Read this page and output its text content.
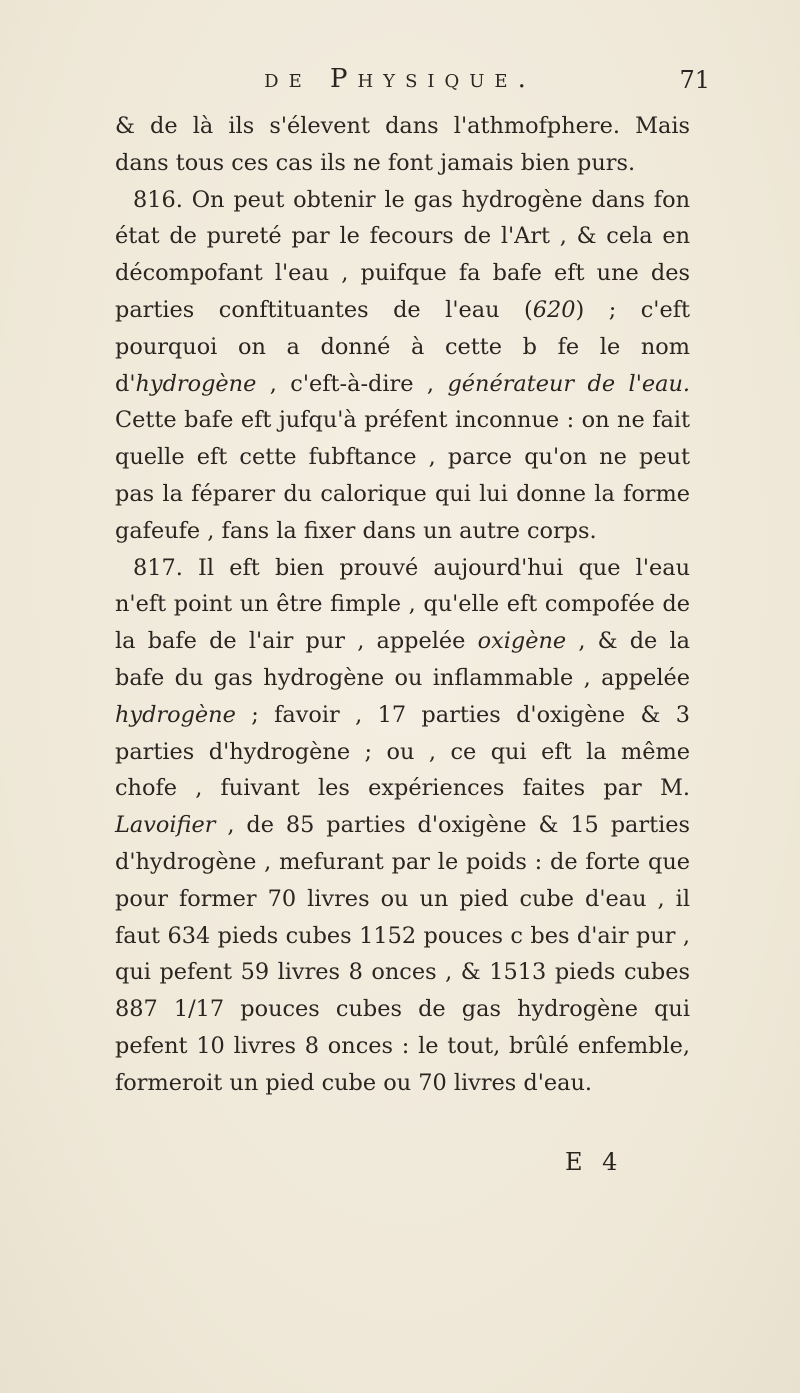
de Physique.	71

& de là ils s'élevent dans l'athmofphere. Mais dans tous ces cas ils ne font jamais bien purs.

816. On peut obtenir le gas hydrogène dans fon état de pureté par le fecours de l'Art , & cela en décompofant l'eau , puifque fa bafe eft une des parties conftituantes de l'eau (620) ; c'eft pourquoi on a donné à cette b fe le nom d'hydrogène , c'eft-à-dire , générateur de l'eau. Cette bafe eft jufqu'à préfent inconnue : on ne fait quelle eft cette fubftance , parce qu'on ne peut pas la féparer du calorique qui lui donne la forme gafeufe , fans la fixer dans un autre corps.

817. Il eft bien prouvé aujourd'hui que l'eau n'eft point un être fimple , qu'elle eft compofée de la bafe de l'air pur , appelée oxigène , & de la bafe du gas hydrogène ou inflammable , appelée hydrogène ; favoir , 17 parties d'oxigène & 3 parties d'hydrogène ; ou , ce qui eft la même chofe , fuivant les expériences faites par M. Lavoifier , de 85 parties d'oxigène & 15 parties d'hydrogène , mefurant par le poids : de forte que pour former 70 livres ou un pied cube d'eau , il faut 634 pieds cubes 1152 pouces c bes d'air pur , qui pefent 59 livres 8 onces , & 1513 pieds cubes 887 1/17 pouces cubes de gas hydrogène qui pefent 10 livres 8 onces : le tout, brûlé enfemble, formeroit un pied cube ou 70 livres d'eau.

E 4
